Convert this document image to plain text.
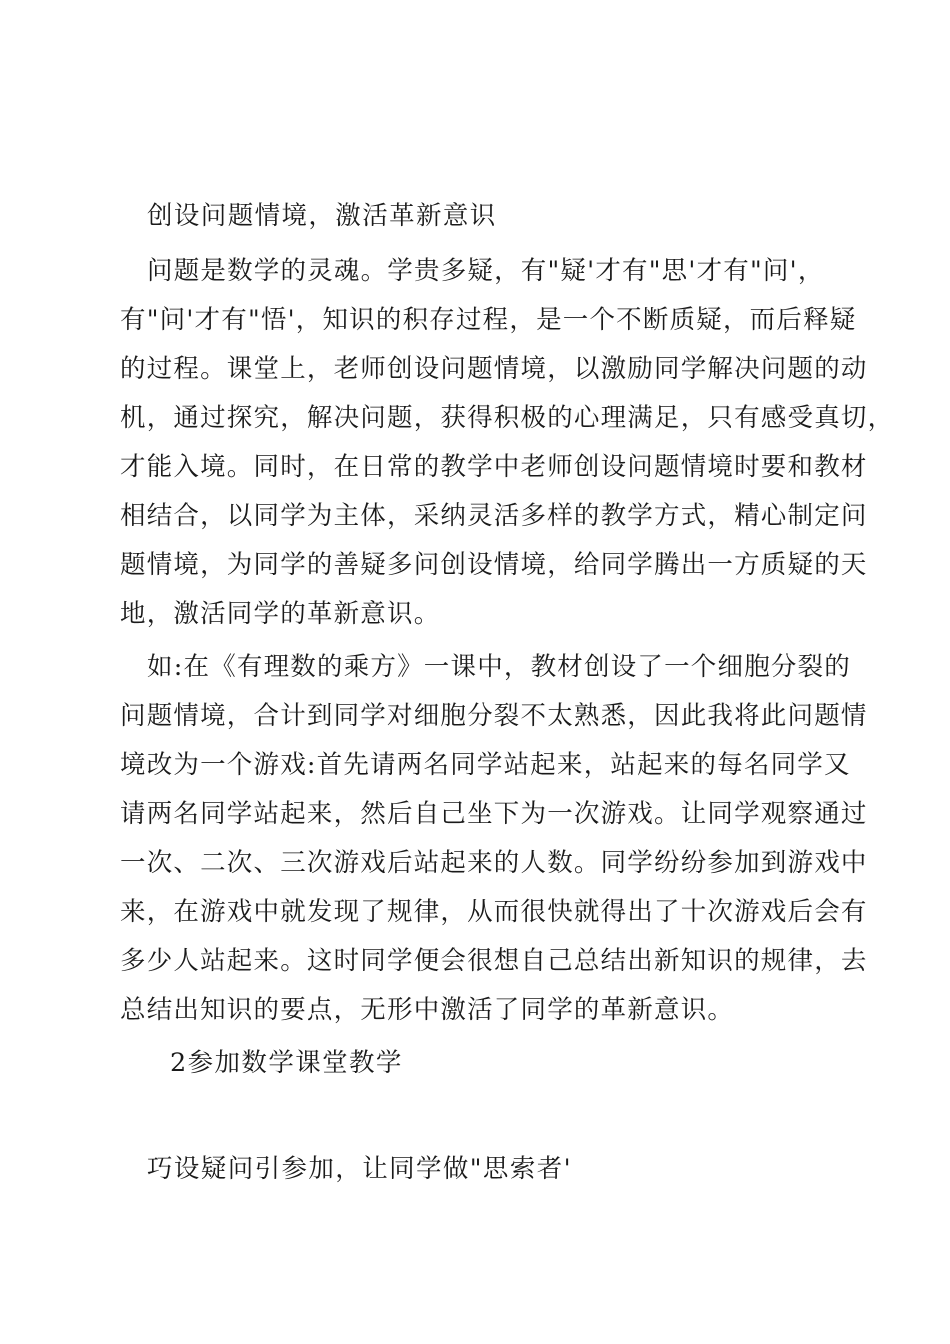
创设问题情境，激活革新意识
问题是数学的灵魂。学贵多疑，有"疑'才有"思'才有"问'，
有"问'才有"悟'，知识的积存过程，是一个不断质疑，而后释疑
的过程。课堂上，老师创设问题情境，以激励同学解决问题的动
机，通过探究，解决问题，获得积极的心理满足，只有感受真切，
才能入境。同时，在日常的教学中老师创设问题情境时要和教材
相结合，以同学为主体，采纳灵活多样的教学方式，精心制定问
题情境，为同学的善疑多问创设情境，给同学腾出一方质疑的天
地，激活同学的革新意识。
如:在《有理数的乘方》一课中，教材创设了一个细胞分裂的
问题情境，合计到同学对细胞分裂不太熟悉，因此我将此问题情
境改为一个游戏:首先请两名同学站起来，站起来的每名同学又
请两名同学站起来，然后自己坐下为一次游戏。让同学观察通过
一次、二次、三次游戏后站起来的人数。同学纷纷参加到游戏中
来，在游戏中就发现了规律，从而很快就得出了十次游戏后会有
多少人站起来。这时同学便会很想自己总结出新知识的规律，去
总结出知识的要点，无形中激活了同学的革新意识。
2参加数学课堂教学
巧设疑问引参加，让同学做"思索者'
